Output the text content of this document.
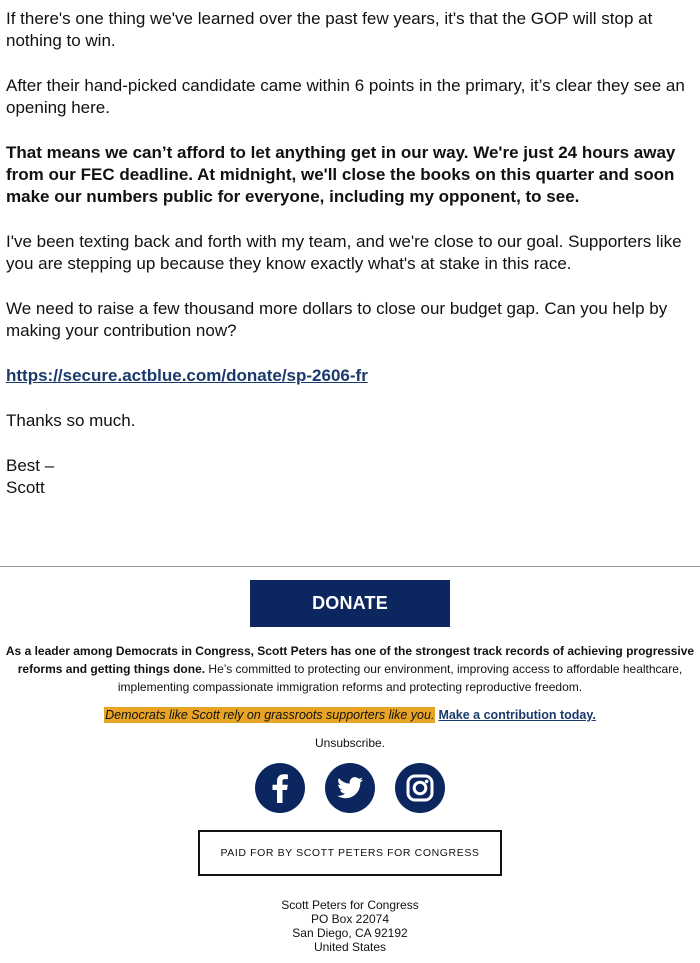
If there's one thing we've learned over the past few years, it's that the GOP will stop at nothing to win.

After their hand-picked candidate came within 6 points in the primary, it’s clear they see an opening here.

That means we can’t afford to let anything get in our way. We're just 24 hours away from our FEC deadline. At midnight, we'll close the books on this quarter and soon make our numbers public for everyone, including my opponent, to see.

I've been texting back and forth with my team, and we're close to our goal. Supporters like you are stepping up because they know exactly what's at stake in this race.

We need to raise a few thousand more dollars to close our budget gap. Can you help by making your contribution now?

https://secure.actblue.com/donate/sp-2606-fr

Thanks so much.

Best –

Scott

DONATE
As a leader among Democrats in Congress, Scott Peters has one of the strongest track records of achieving progressive reforms and getting things done. He’s committed to protecting our environment, improving access to affordable healthcare, implementing compassionate immigration reforms and protecting reproductive freedom.
Democrats like Scott rely on grassroots supporters like you. Make a contribution today.
Unsubscribe.

PAID FOR BY SCOTT PETERS FOR CONGRESS
Scott Peters for Congress
PO Box 22074
San Diego, CA 92192
United States
